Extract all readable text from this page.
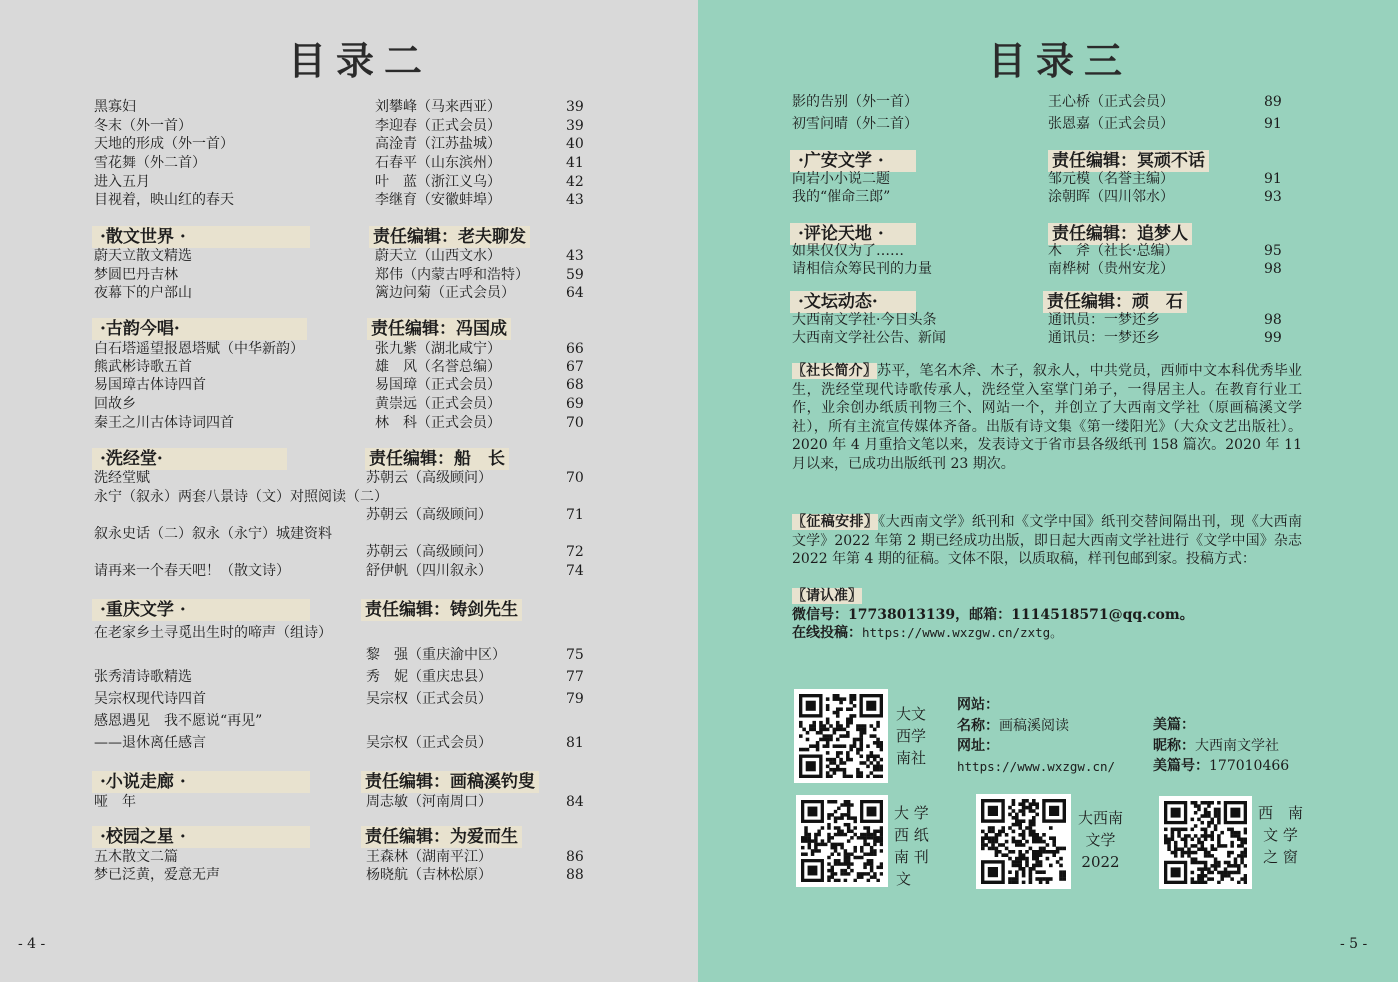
目录二
黑寡妇	刘攀峰（马来西亚）	39
冬末（外一首）	李迎春（正式会员）	39
天地的形成（外一首）	高淦青（江苏盐城）	40
雪花舞（外二首）	石春平（山东滨州）	41
进入五月	叶　蓝（浙江义乌）	42
目视着，映山红的春天	李继育（安徽蚌埠）	43
·散文世界 ·	责任编辑：老夫聊发
蔚天立散文精选	蔚天立（山西文水）	43
梦圆巴丹吉林	郑伟（内蒙古呼和浩特）	59
夜幕下的户部山	篱边问菊（正式会员）	64
·古韵今唱·	责任编辑：冯国成
白石塔遥望报恩塔赋（中华新韵）	张九紫（湖北咸宁）	66
熊武彬诗歌五首	雄　风（名誉总编）	67
易国璋古体诗四首	易国璋（正式会员）	68
回故乡	黄崇远（正式会员）	69
秦王之川古体诗词四首	林　科（正式会员）	70
·洗经堂·	责任编辑：船　长
洗经堂赋	苏朝云（高级顾问）	70
永宁（叙永）两套八景诗（文）对照阅读（二）
苏朝云（高级顾问）	71
叙永史话（二）叙永（永宁）城建资料
苏朝云（高级顾问）	72
请再来一个春天吧！（散文诗）	舒伊帆（四川叙永）	74
·重庆文学 ·	责任编辑：铸剑先生
在老家乡土寻觅出生时的啼声（组诗）
黎　强（重庆渝中区）	75
张秀清诗歌精选	秀　妮（重庆忠县）	77
吴宗权现代诗四首	吴宗权（正式会员）	79
感恩遇见　我不愿说“再见”
——退休离任感言	吴宗权（正式会员）	81
·小说走廊 ·	责任编辑：画稿溪钓叟
哑　年	周志敏（河南周口）	84
·校园之星 ·	责任编辑：为爱而生
五木散文二篇	王森林（湖南平江）	86
梦已泛黄，爱意无声	杨晓航（吉林松原）	88
- 4 -
目录三
影的告别（外一首）	王心桥（正式会员）	89
初雪问晴（外二首）	张恩嘉（正式会员）	91
·广安文学 ·	责任编辑：冥顽不话
向岩小小说二题	邹元模（名誉主编）	91
我的“催命三郎”	涂朝晖（四川邻水）	93
·评论天地 ·	责任编辑：追梦人
如果仅仅为了……	木　斧（社长·总编）	95
请相信众筹民刊的力量	南桦树（贵州安龙）	98
·文坛动态·	责任编辑：顽　石
大西南文学社·今日头条	通讯员：一梦还乡	98
大西南文学社公告、新闻	通讯员：一梦还乡	99
〖社长简介〗苏平，笔名木斧、木子，叙永人，中共党员，西师中文本科优秀毕业生，洗经堂现代诗歌传承人，洗经堂入室掌门弟子，一得居主人。在教育行业工作，业余创办纸质刊物三个、网站一个，并创立了大西南文学社（原画稿溪文学社），所有主流宣传媒体齐备。出版有诗文集《第一缕阳光》（大众文艺出版社）。2020 年 4 月重拾文笔以来，发表诗文于省市县各级纸刊 158 篇次。2020 年 11 月以来，已成功出版纸刊 23 期次。
〖征稿安排〗《大西南文学》纸刊和《文学中国》纸刊交替间隔出刊，现《大西南文学》2022 年第 2 期已经成功出版，即日起大西南文学社进行《文学中国》杂志 2022 年第 4 期的征稿。文体不限，以质取稿，样刊包邮到家。投稿方式：
〖请认准〗
微信号：17738013139，邮箱：1114518571@qq.com。
在线投稿：https://www.wxzgw.cn/zxtg。
大文
西学
南社
网站：
名称：画稿溪阅读
网址：
https://www.wxzgw.cn/
美篇：
昵称：大西南文学社
美篇号：177010466
大 学
西 纸
南 刊
文
大西南
文学
2022
西　南
文 学
之 窗
- 5 -
